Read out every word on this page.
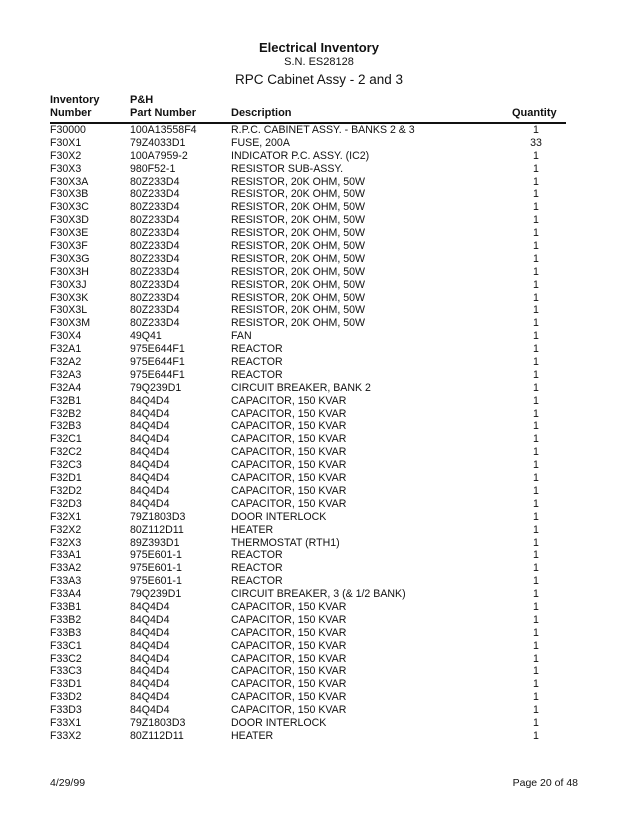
Electrical Inventory
S.N. ES28128
RPC Cabinet Assy - 2 and 3
Inventory
Number
P&H
Part Number	Description	Quantity
F30000	100A13558F4	R.P.C. CABINET ASSY. - BANKS 2 & 3	1
F30X1	79Z4033D1	FUSE, 200A	33
F30X2	100A7959-2	INDICATOR P.C. ASSY. (IC2)	1
F30X3	980F52-1	RESISTOR SUB-ASSY.	1
F30X3A	80Z233D4	RESISTOR, 20K OHM, 50W	1
F30X3B	80Z233D4	RESISTOR, 20K OHM, 50W	1
F30X3C	80Z233D4	RESISTOR, 20K OHM, 50W	1
F30X3D	80Z233D4	RESISTOR, 20K OHM, 50W	1
F30X3E	80Z233D4	RESISTOR, 20K OHM, 50W	1
F30X3F	80Z233D4	RESISTOR, 20K OHM, 50W	1
F30X3G	80Z233D4	RESISTOR, 20K OHM, 50W	1
F30X3H	80Z233D4	RESISTOR, 20K OHM, 50W	1
F30X3J	80Z233D4	RESISTOR, 20K OHM, 50W	1
F30X3K	80Z233D4	RESISTOR, 20K OHM, 50W	1
F30X3L	80Z233D4	RESISTOR, 20K OHM, 50W	1
F30X3M	80Z233D4	RESISTOR, 20K OHM, 50W	1
F30X4	49Q41	FAN	1
F32A1	975E644F1	REACTOR	1
F32A2	975E644F1	REACTOR	1
F32A3	975E644F1	REACTOR	1
F32A4	79Q239D1	CIRCUIT BREAKER, BANK 2	1
F32B1	84Q4D4	CAPACITOR, 150 KVAR	1
F32B2	84Q4D4	CAPACITOR, 150 KVAR	1
F32B3	84Q4D4	CAPACITOR, 150 KVAR	1
F32C1	84Q4D4	CAPACITOR, 150 KVAR	1
F32C2	84Q4D4	CAPACITOR, 150 KVAR	1
F32C3	84Q4D4	CAPACITOR, 150 KVAR	1
F32D1	84Q4D4	CAPACITOR, 150 KVAR	1
F32D2	84Q4D4	CAPACITOR, 150 KVAR	1
F32D3	84Q4D4	CAPACITOR, 150 KVAR	1
F32X1	79Z1803D3	DOOR INTERLOCK	1
F32X2	80Z112D11	HEATER	1
F32X3	89Z393D1	THERMOSTAT (RTH1)	1
F33A1	975E601-1	REACTOR	1
F33A2	975E601-1	REACTOR	1
F33A3	975E601-1	REACTOR	1
F33A4	79Q239D1	CIRCUIT BREAKER, 3 (& 1/2 BANK)	1
F33B1	84Q4D4	CAPACITOR, 150 KVAR	1
F33B2	84Q4D4	CAPACITOR, 150 KVAR	1
F33B3	84Q4D4	CAPACITOR, 150 KVAR	1
F33C1	84Q4D4	CAPACITOR, 150 KVAR	1
F33C2	84Q4D4	CAPACITOR, 150 KVAR	1
F33C3	84Q4D4	CAPACITOR, 150 KVAR	1
F33D1	84Q4D4	CAPACITOR, 150 KVAR	1
F33D2	84Q4D4	CAPACITOR, 150 KVAR	1
F33D3	84Q4D4	CAPACITOR, 150 KVAR	1
F33X1	79Z1803D3	DOOR INTERLOCK	1
F33X2	80Z112D11	HEATER	1
4/29/99	Page 20 of 48
